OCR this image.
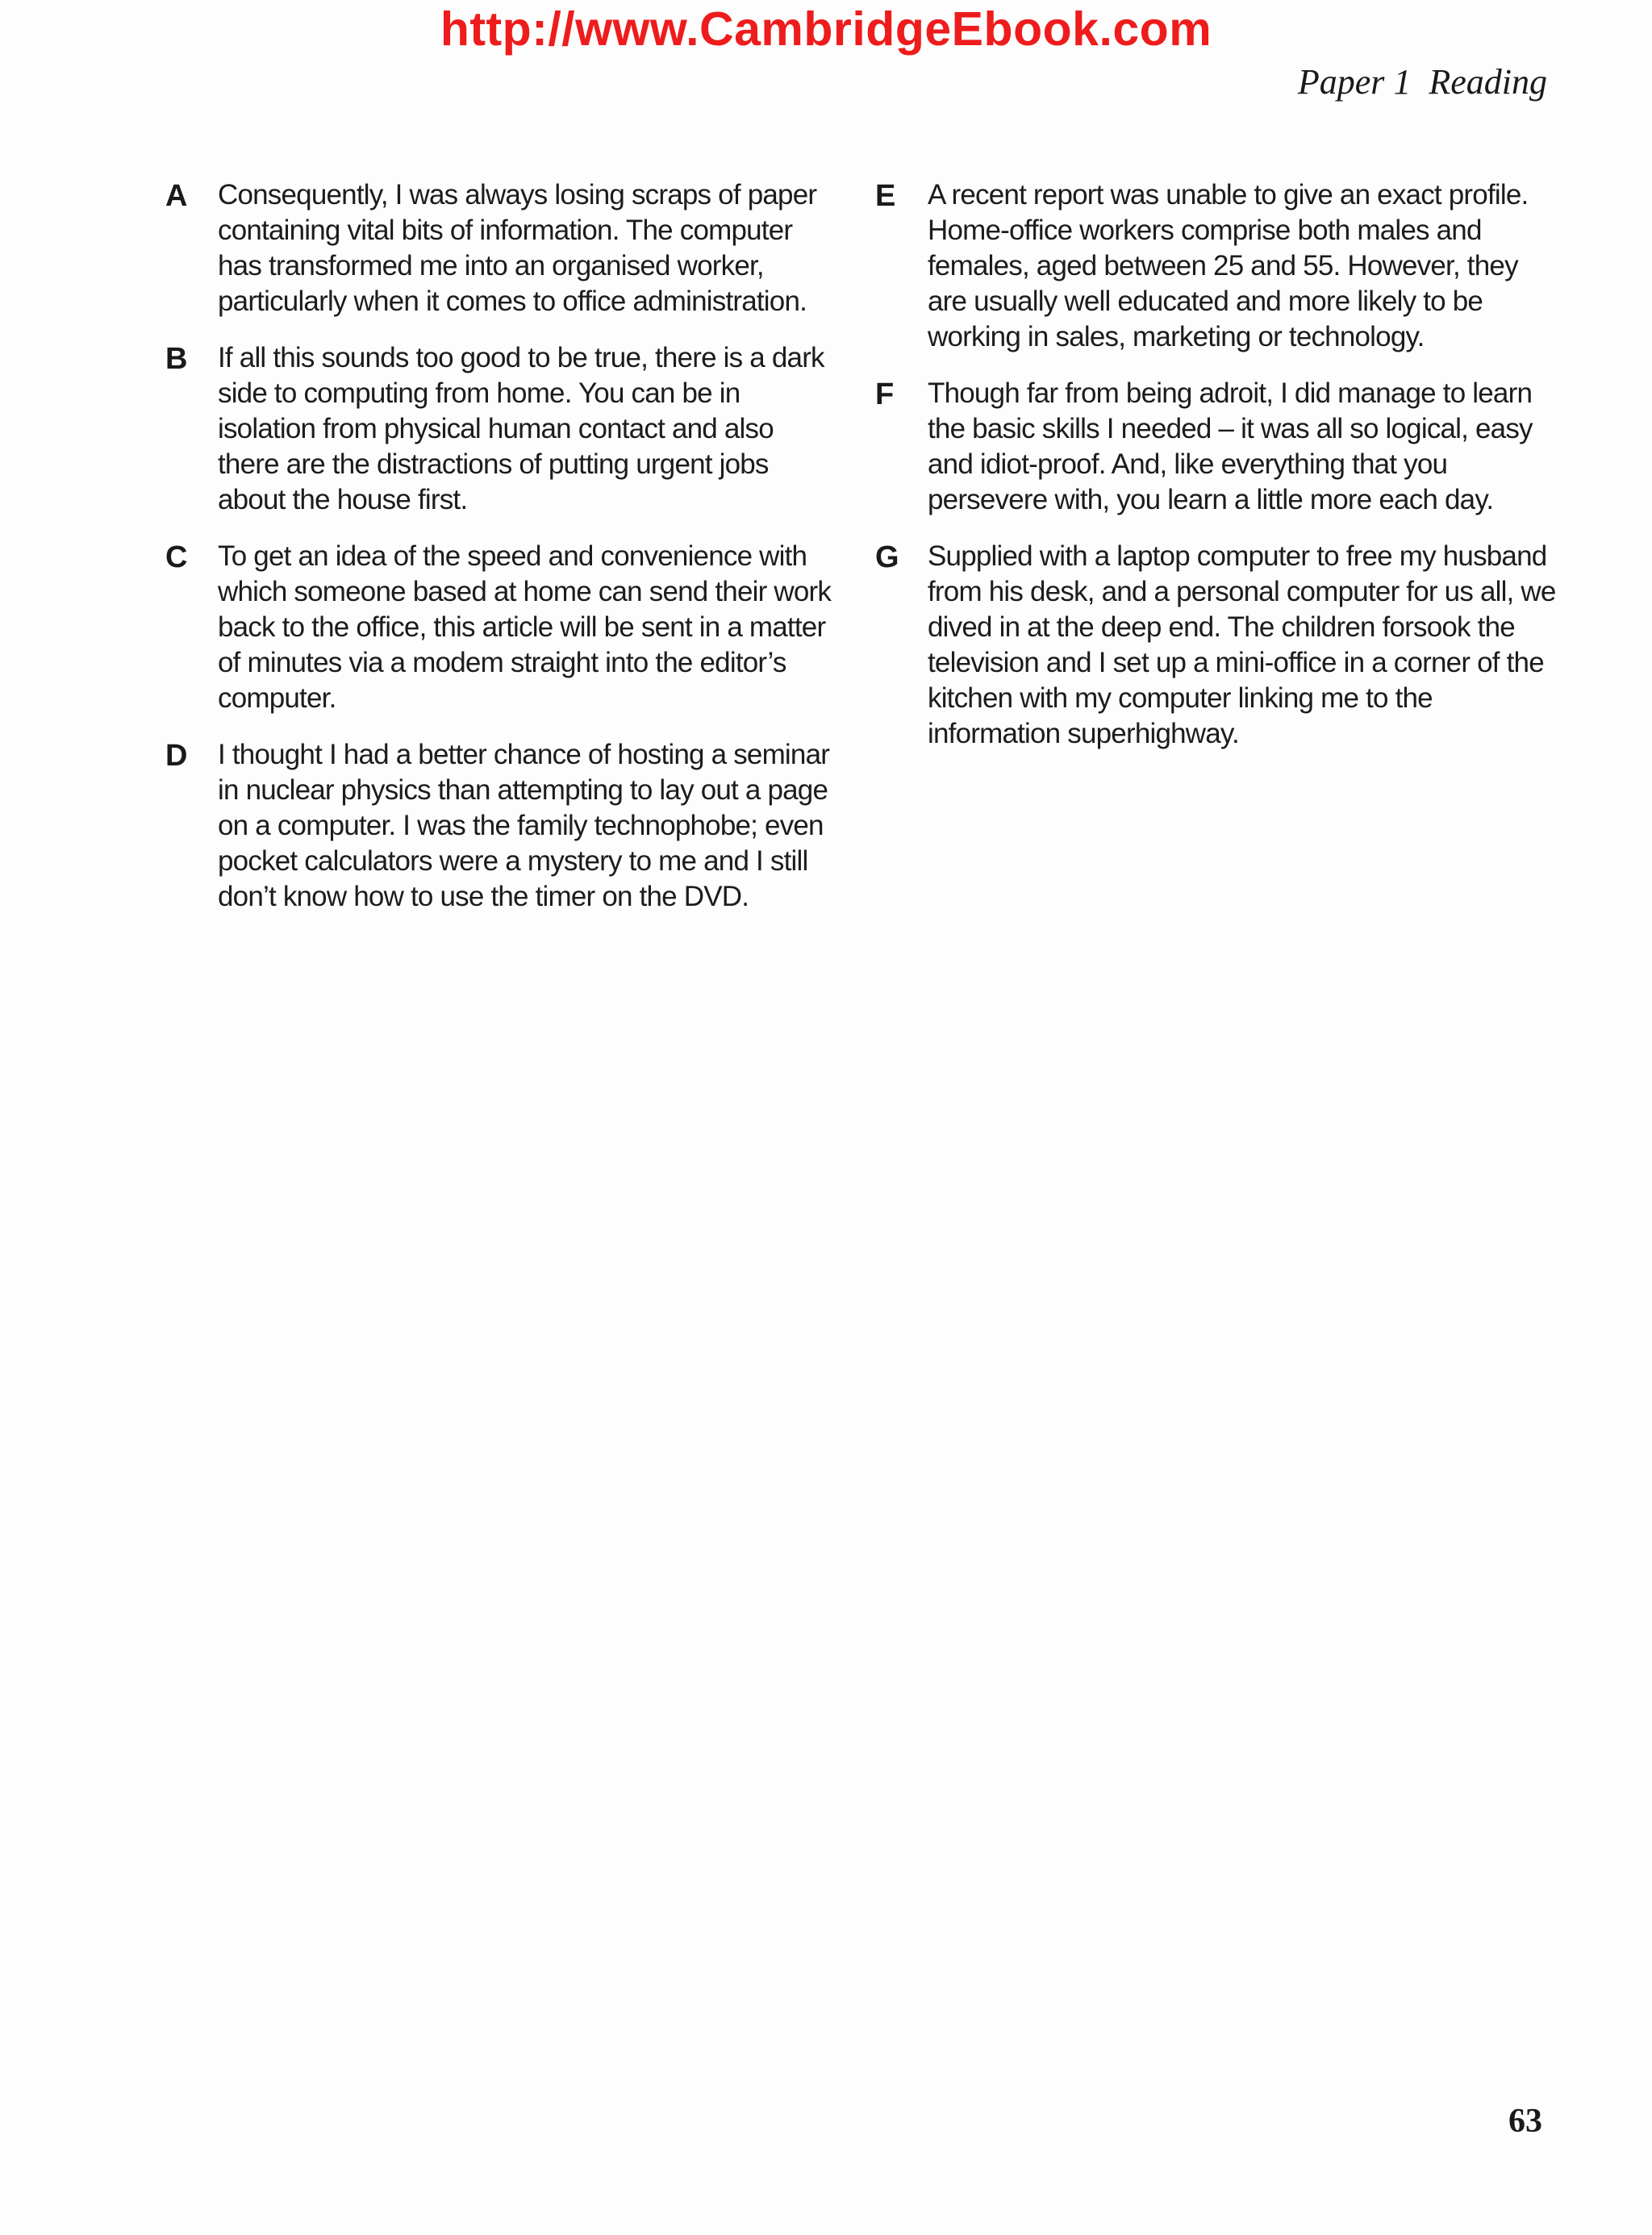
http://www.CambridgeEbook.com
Paper 1  Reading
A Consequently, I was always losing scraps of paper containing vital bits of information. The computer has transformed me into an organised worker, particularly when it comes to office administration.
B If all this sounds too good to be true, there is a dark side to computing from home. You can be in isolation from physical human contact and also there are the distractions of putting urgent jobs about the house first.
C To get an idea of the speed and convenience with which someone based at home can send their work back to the office, this article will be sent in a matter of minutes via a modem straight into the editor’s computer.
D I thought I had a better chance of hosting a seminar in nuclear physics than attempting to lay out a page on a computer. I was the family technophobe; even pocket calculators were a mystery to me and I still don’t know how to use the timer on the DVD.
E A recent report was unable to give an exact profile. Home-office workers comprise both males and females, aged between 25 and 55. However, they are usually well educated and more likely to be working in sales, marketing or technology.
F Though far from being adroit, I did manage to learn the basic skills I needed – it was all so logical, easy and idiot-proof. And, like everything that you persevere with, you learn a little more each day.
G Supplied with a laptop computer to free my husband from his desk, and a personal computer for us all, we dived in at the deep end. The children forsook the television and I set up a mini-office in a corner of the kitchen with my computer linking me to the information superhighway.
63
